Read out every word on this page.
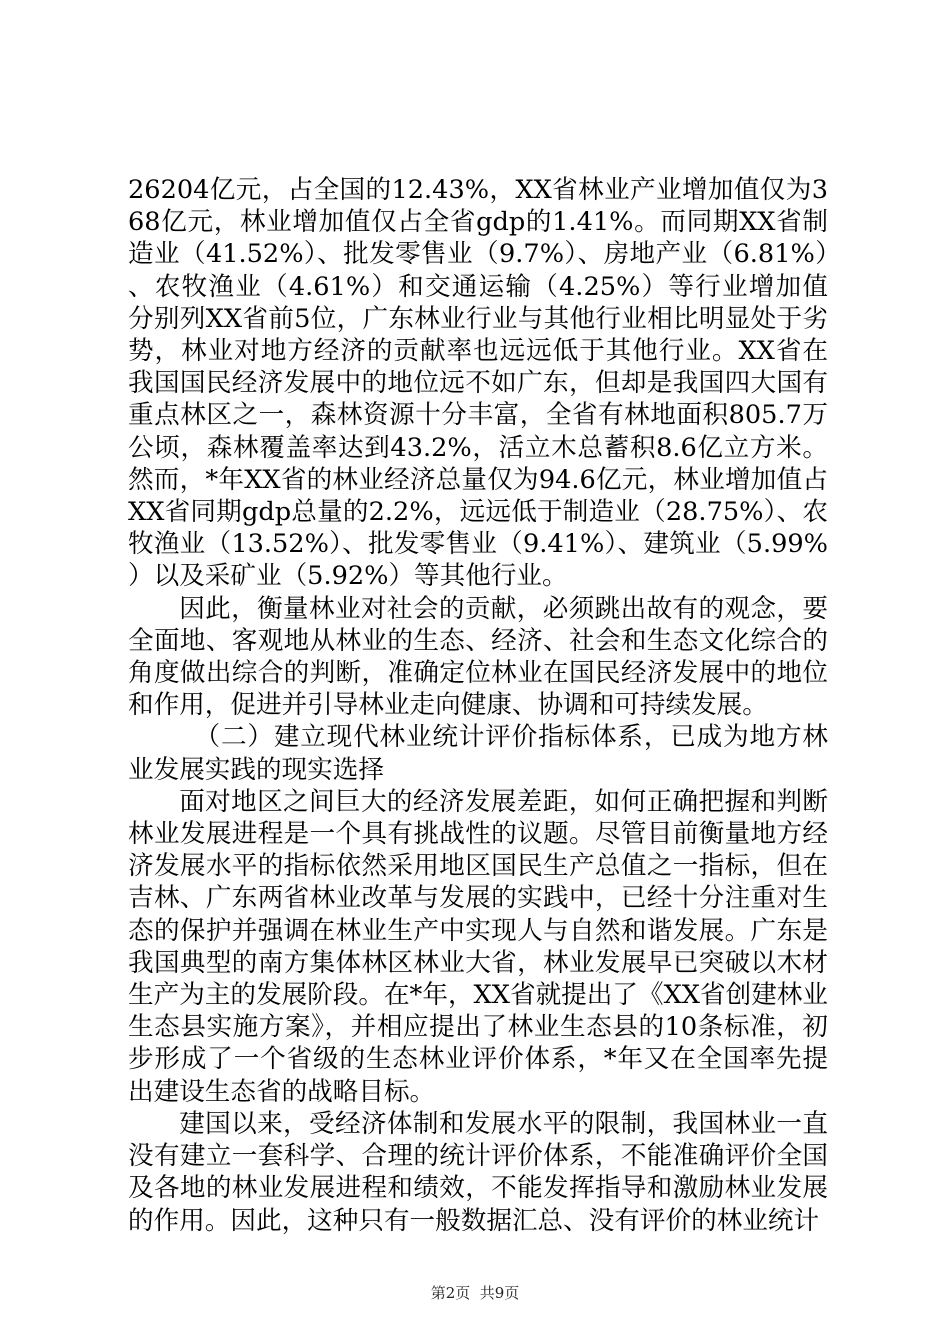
26204亿元，占全国的12.43%，XX省林业产业增加值仅为368亿元，林业增加值仅占全省gdp的1.41%。而同期XX省制造业（41.52%）、批发零售业（9.7%）、房地产业（6.81%）、农牧渔业（4.61%）和交通运输（4.25%）等行业增加值分别列XX省前5位，广东林业行业与其他行业相比明显处于劣势，林业对地方经济的贡献率也远远低于其他行业。XX省在我国国民经济发展中的地位远不如广东，但却是我国四大国有重点林区之一，森林资源十分丰富，全省有林地面积805.7万公顷，森林覆盖率达到43.2%，活立木总蓄积8.6亿立方米。然而，*年XX省的林业经济总量仅为94.6亿元，林业增加值占XX省同期gdp总量的2.2%，远远低于制造业（28.75%）、农牧渔业（13.52%）、批发零售业（9.41%）、建筑业（5.99%）以及采矿业（5.92%）等其他行业。

因此，衡量林业对社会的贡献，必须跳出故有的观念，要全面地、客观地从林业的生态、经济、社会和生态文化综合的角度做出综合的判断，准确定位林业在国民经济发展中的地位和作用，促进并引导林业走向健康、协调和可持续发展。

（二）建立现代林业统计评价指标体系，已成为地方林业发展实践的现实选择

面对地区之间巨大的经济发展差距，如何正确把握和判断林业发展进程是一个具有挑战性的议题。尽管目前衡量地方经济发展水平的指标依然采用地区国民生产总值之一指标，但在吉林、广东两省林业改革与发展的实践中，已经十分注重对生态的保护并强调在林业生产中实现人与自然和谐发展。广东是我国典型的南方集体林区林业大省，林业发展早已突破以木材生产为主的发展阶段。在*年，XX省就提出了《XX省创建林业生态县实施方案》，并相应提出了林业生态县的10条标准，初步形成了一个省级的生态林业评价体系，*年又在全国率先提出建设生态省的战略目标。

建国以来，受经济体制和发展水平的限制，我国林业一直没有建立一套科学、合理的统计评价体系，不能准确评价全国及各地的林业发展进程和绩效，不能发挥指导和激励林业发展的作用。因此，这种只有一般数据汇总、没有评价的林业统计

第2页  共9页
